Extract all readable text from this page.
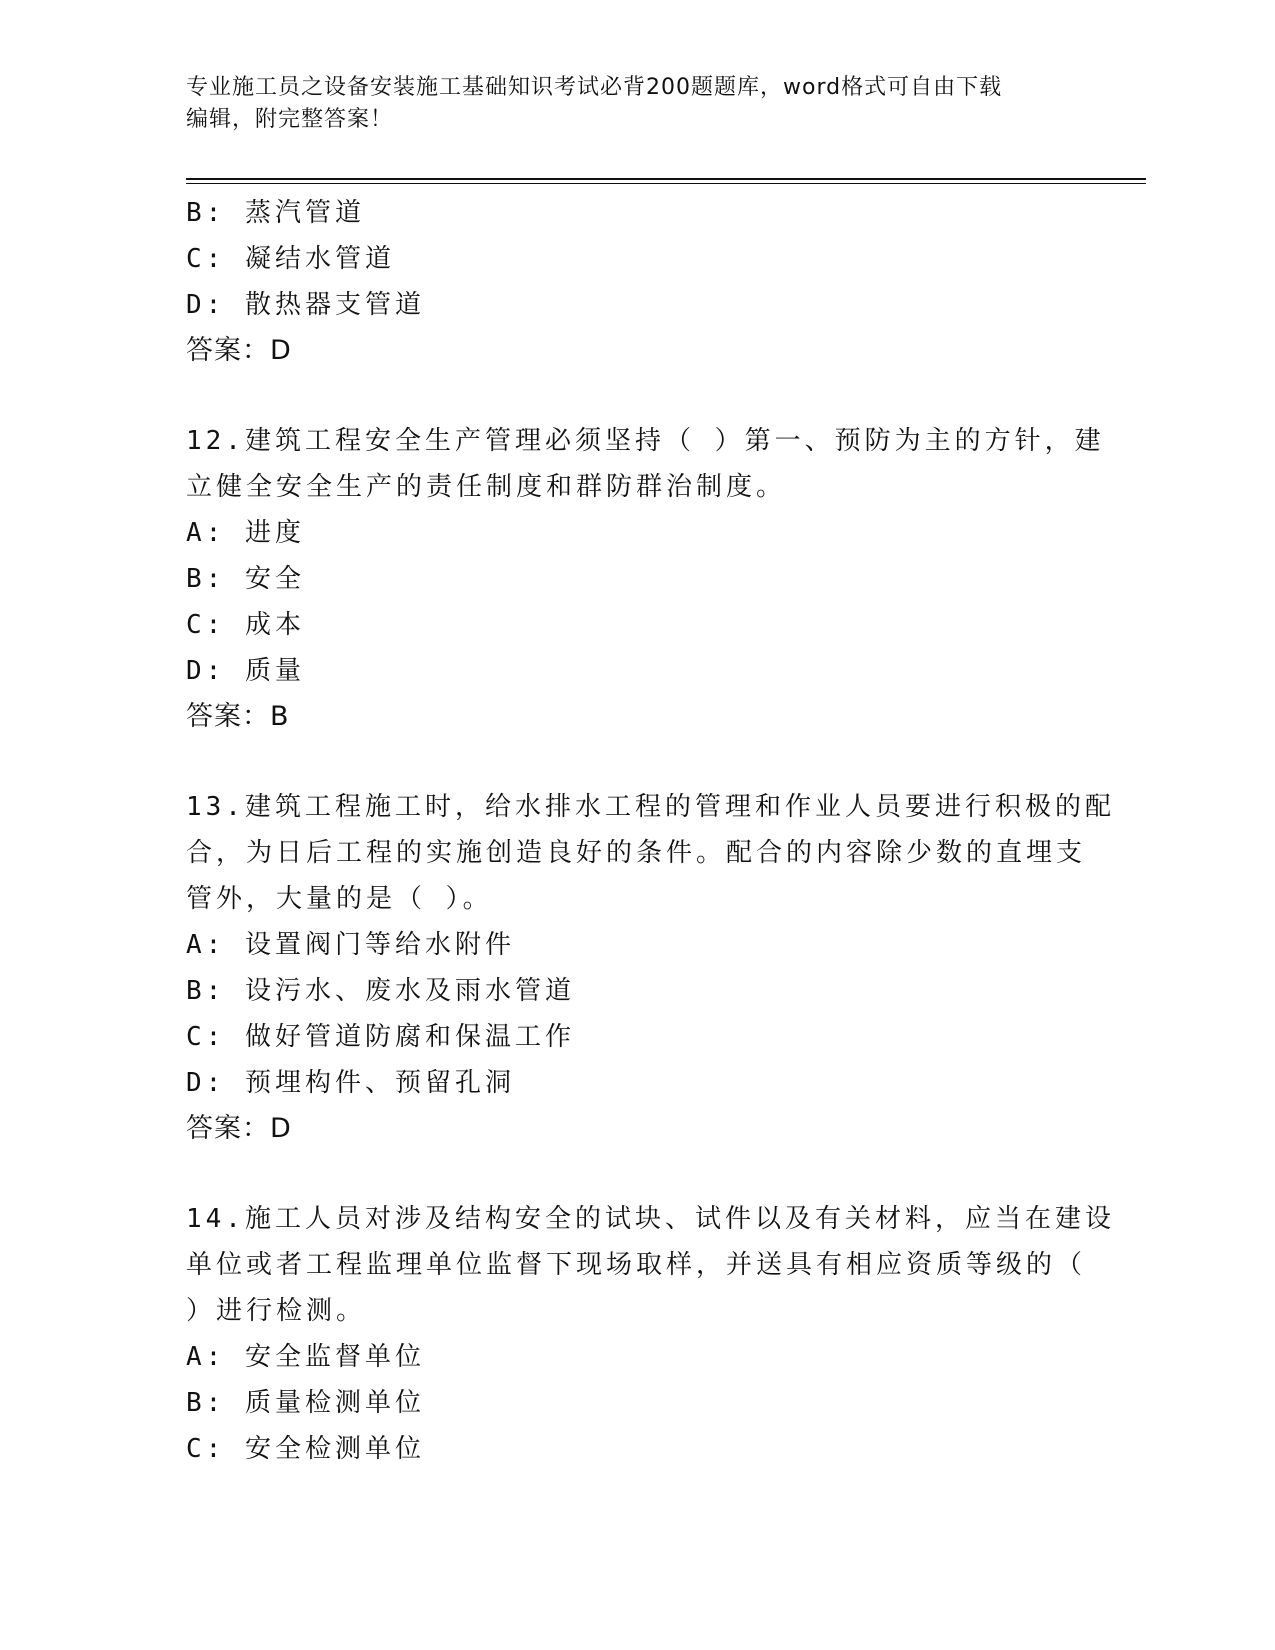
专业施工员之设备安装施工基础知识考试必背200题题库，word格式可自由下载
编辑，附完整答案！
B: 蒸汽管道
C: 凝结水管道
D: 散热器支管道
答案：D
12.建筑工程安全生产管理必须坚持（ ）第一、预防为主的方针，建
立健全安全生产的责任制度和群防群治制度。
A: 进度
B: 安全
C: 成本
D: 质量
答案：B
13.建筑工程施工时，给水排水工程的管理和作业人员要进行积极的配
合，为日后工程的实施创造良好的条件。配合的内容除少数的直埋支
管外，大量的是（ ）。
A: 设置阀门等给水附件
B: 设污水、废水及雨水管道
C: 做好管道防腐和保温工作
D: 预埋构件、预留孔洞
答案：D
14.施工人员对涉及结构安全的试块、试件以及有关材料，应当在建设
单位或者工程监理单位监督下现场取样，并送具有相应资质等级的（
）进行检测。
A: 安全监督单位
B: 质量检测单位
C: 安全检测单位
